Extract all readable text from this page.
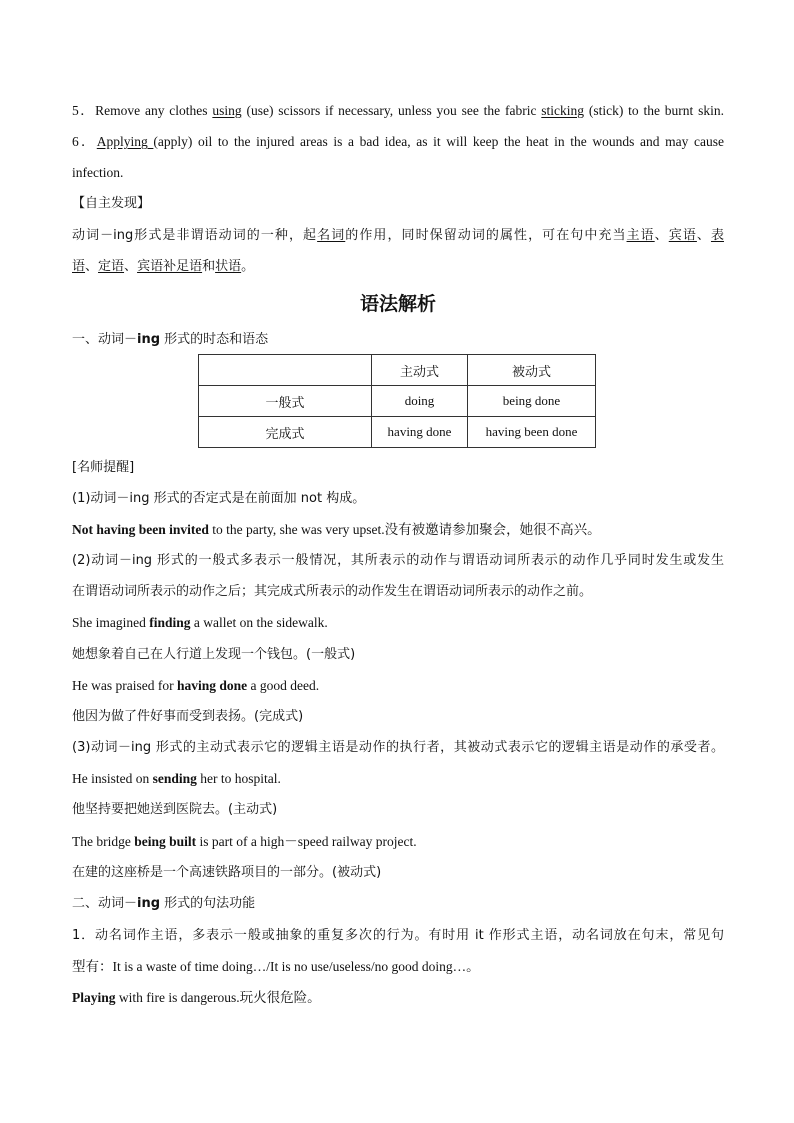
5．Remove any clothes using (use) scissors if necessary, unless you see the fabric sticking (stick) to the burnt skin.
6．Applying (apply) oil to the injured areas is a bad idea, as it will keep the heat in the wounds and may cause
infection.
【自主发现】
动词－ing形式是非谓语动词的一种，起名词的作用，同时保留动词的属性，可在句中充当主语、宾语、表
语、定语、宾语补足语和状语。
语法解析
一、动词－ing 形式的时态和语态
	主动式	被动式
一般式	doing	being done
完成式	having done	having been done
[名师提醒]
(1)动词－ing 形式的否定式是在前面加 not 构成。
Not having been invited to the party, she was very upset.没有被邀请参加聚会，她很不高兴。
(2)动词－ing 形式的一般式多表示一般情况，其所表示的动作与谓语动词所表示的动作几乎同时发生或发生
在谓语动词所表示的动作之后；其完成式所表示的动作发生在谓语动词所表示的动作之前。
She imagined finding a wallet on the sidewalk.
她想象着自己在人行道上发现一个钱包。(一般式)
He was praised for having done a good deed.
他因为做了件好事而受到表扬。(完成式)
(3)动词－ing 形式的主动式表示它的逻辑主语是动作的执行者，其被动式表示它的逻辑主语是动作的承受者。
He insisted on sending her to hospital.
他坚持要把她送到医院去。(主动式)
The bridge being built is part of a high－speed railway project.
在建的这座桥是一个高速铁路项目的一部分。(被动式)
二、动词－ing 形式的句法功能
1．动名词作主语，多表示一般或抽象的重复多次的行为。有时用 it 作形式主语，动名词放在句末，常见句
型有：It is a waste of time doing…/It is no use/useless/no good doing…。
Playing with fire is dangerous.玩火很危险。
